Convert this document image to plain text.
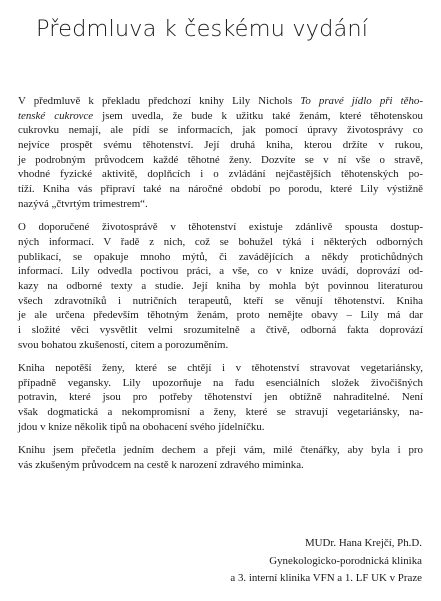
Předmluva k českému vydání

V předmluvě k překladu předchozí knihy Lily Nichols To pravé jídlo při těho-
tenské cukrovce jsem uvedla, že bude k užitku také ženám, které těhotenskou
cukrovku nemají, ale pídí se informacích, jak pomocí úpravy životosprávy co
nejvíce prospět svému těhotenství. Její druhá kniha, kterou držíte v rukou,
je podrobným průvodcem každé těhotné ženy. Dozvíte se v ní vše o stravě,
vhodné fyzické aktivitě, doplňcích i o zvládání nejčastějších těhotenských po-
tíží. Kniha vás připraví také na náročné období po porodu, které Lily výstižně
nazývá „čtvrtým trimestrem“.

O doporučené životosprávě v těhotenství existuje zdánlivě spousta dostup-
ných informací. V řadě z nich, což se bohužel týká i některých odborných
publikací, se opakuje mnoho mýtů, či zavádějících a někdy protichůdných
informací. Lily odvedla poctivou práci, a vše, co v knize uvádí, doprovází od-
kazy na odborné texty a studie. Její kniha by mohla být povinnou literaturou
všech zdravotníků i nutričních terapeutů, kteří se věnují těhotenství. Kniha
je ale určena především těhotným ženám, proto nemějte obavy – Lily má dar
i složité věci vysvětlit velmi srozumitelně a čtivě, odborná fakta doprovází
svou bohatou zkušeností, citem a porozuměním.

Kniha nepotěší ženy, které se chtějí i v těhotenství stravovat vegetariánsky,
případně vegansky. Lily upozorňuje na řadu esenciálních složek živočišných
potravin, které jsou pro potřeby těhotenství jen obtížně nahraditelné. Není
však dogmatická a nekompromisní a ženy, které se stravují vegetariánsky, na-
jdou v knize několik tipů na obohacení svého jídelníčku.

Knihu jsem přečetla jedním dechem a přeji vám, milé čtenářky, aby byla i pro
vás zkušeným průvodcem na cestě k narození zdravého miminka.

MUDr. Hana Krejčí, Ph.D.
Gynekologicko-porodnická klinika
a 3. interní klinika VFN a 1. LF UK v Praze
